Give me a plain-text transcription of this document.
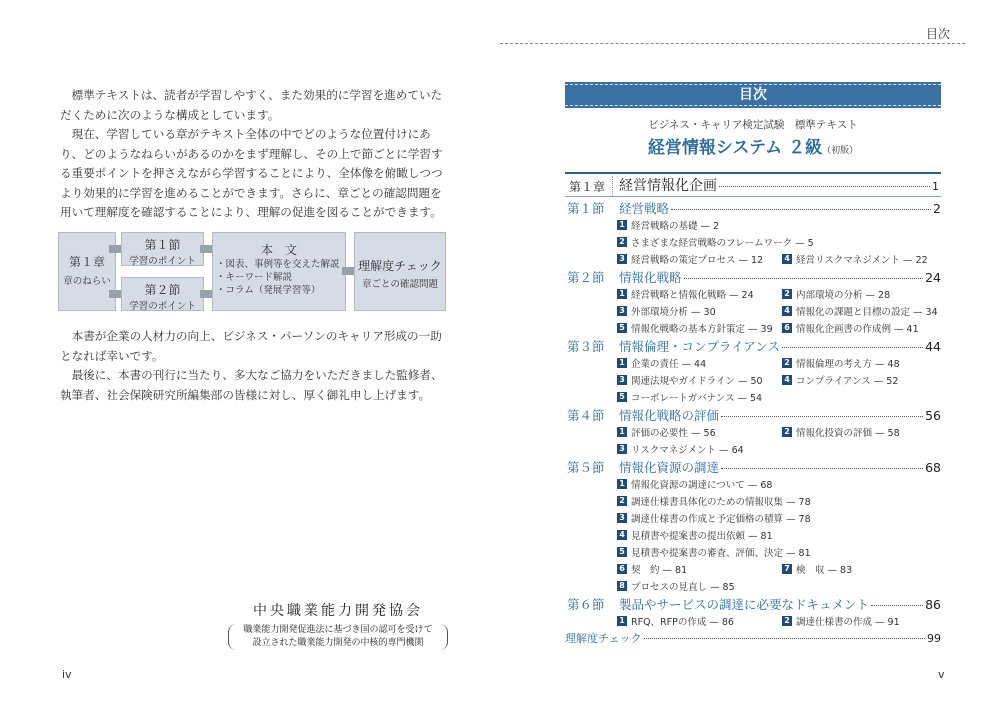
標準テキストは、読者が学習しやすく、また効果的に学習を進めていただくために次のような構成としています。

現在、学習している章がテキスト全体の中でどのような位置付けにあり、どのようなねらいがあるのかをまず理解し、その上で節ごとに学習する重要ポイントを押さえながら学習することにより、全体像を俯瞰しつつより効果的に学習を進めることができます。さらに、章ごとの確認問題を用いて理解度を確認することにより、理解の促進を図ることができます。

第１章
章のねらい
第１節
学習のポイント
第２節
学習のポイント
本　文
・図表、事例等を交えた解説
・キーワード解説
・コラム（発展学習等）
理解度チェック
章ごとの確認問題

本書が企業の人材力の向上、ビジネス・パーソンのキャリア形成の一助となれば幸いです。

最後に、本書の刊行に当たり、多大なご協力をいただきました監修者、執筆者、社会保険研究所編集部の皆様に対し、厚く御礼申し上げます。

中央職業能力開発協会
職業能力開発促進法に基づき国の認可を受けて
設立された職業能力開発の中核的専門機関
iv
目次
目次
ビジネス・キャリア検定試験　標準テキスト
経営情報システム ２級（初版）
第１章 経営情報化企画	1
第１節	経営戦略	2
1 経営戦略の基礎 — 2
2 さまざまな経営戦略のフレームワーク — 5
3 経営戦略の策定プロセス — 12	4 経営リスクマネジメント — 22
第２節	情報化戦略	24
1 経営戦略と情報化戦略 — 24	2 内部環境の分析 — 28
3 外部環境分析 — 30	4 情報化の課題と目標の設定 — 34
5 情報化戦略の基本方針策定 — 39 6 情報化企画書の作成例 — 41
第３節	情報倫理・コンプライアンス	44
1 企業の責任 — 44	2 情報倫理の考え方 — 48
3 関連法規やガイドライン — 50	4 コンプライアンス — 52
5 コーポレートガバナンス — 54
第４節	情報化戦略の評価	56
1 評価の必要性 — 56	2 情報化投資の評価 — 58
3 リスクマネジメント — 64
第５節	情報化資源の調達	68
1 情報化資源の調達について — 68
2 調達仕様書具体化のための情報収集 — 78
3 調達仕様書の作成と予定価格の積算 — 78
4 見積書や提案書の提出依頼 — 81
5 見積書や提案書の審査、評価、決定 — 81
6 契　約 — 81	7 検　収 — 83
8 プロセスの見直し — 85
第６節	製品やサービスの調達に必要なドキュメント	86
1 RFQ、RFPの作成 — 86	2 調達仕様書の作成 — 91
理解度チェック	99
v
